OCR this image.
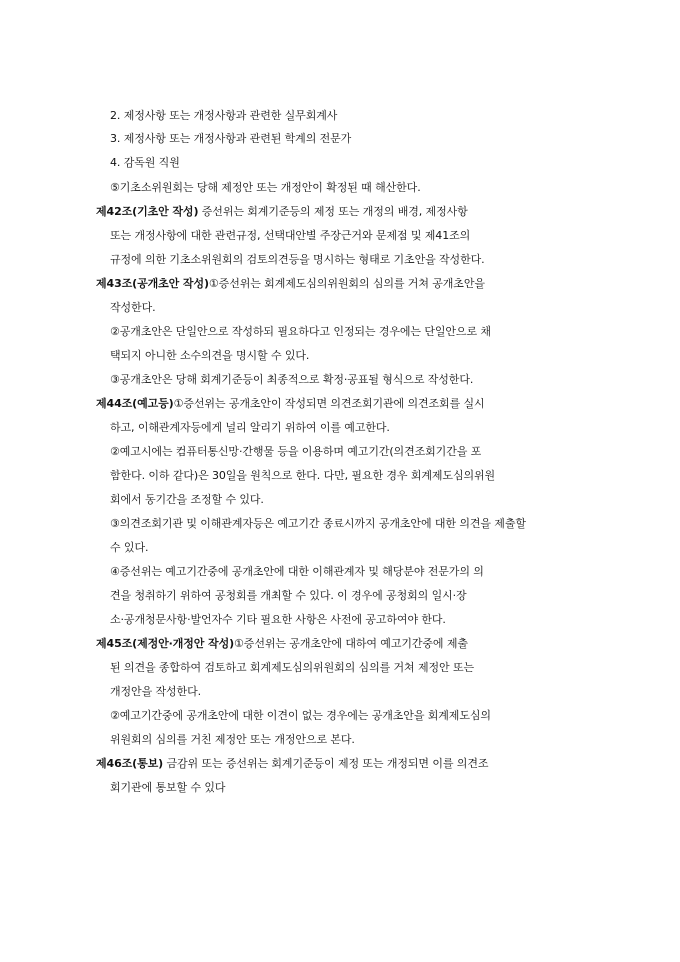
2. 제정사항 또는 개정사항과 관련한 실무회계사
3. 제정사항 또는 개정사항과 관련된 학계의 전문가
4. 감독원 직원
⑤기초소위원회는 당해 제정안 또는 개정안이 확정된 때 해산한다.
제42조(기초안 작성) 증선위는 회계기준등의 제정 또는 개정의 배경, 제정사항
또는 개정사항에 대한 관련규정, 선택대안별 주장근거와 문제점 및 제41조의
규정에 의한 기초소위원회의 검토의견등을 명시하는 형태로 기초안을 작성한다.
제43조(공개초안 작성)①증선위는 회계제도심의위원회의 심의를 거쳐 공개초안을
작성한다.
②공개초안은 단일안으로 작성하되 필요하다고 인정되는 경우에는 단일안으로 채
택되지 아니한 소수의견을 명시할 수 있다.
③공개초안은 당해 회계기준등이 최종적으로 확정·공표될 형식으로 작성한다.
제44조(예고등)①증선위는 공개초안이 작성되면 의견조회기관에 의견조회를 실시
하고, 이해관계자등에게 널리 알리기 위하여 이를 예고한다.
②예고시에는 컴퓨터통신망·간행물 등을 이용하며 예고기간(의견조회기간을 포
함한다. 이하 같다)은 30일을 원칙으로 한다. 다만, 필요한 경우 회계제도심의위원
회에서 동기간을 조정할 수 있다.
③의견조회기관 및 이해관계자등은 예고기간 종료시까지 공개초안에 대한 의견을 제출할
수 있다.
④증선위는 예고기간중에 공개초안에 대한 이해관계자 및 해당분야 전문가의 의
견을 청취하기 위하여 공청회를 개최할 수 있다. 이 경우에 공청회의 일시·장
소·공개청문사항·발언자수 기타 필요한 사항은 사전에 공고하여야 한다.
제45조(제정안·개정안 작성)①증선위는 공개초안에 대하여 예고기간중에 제출
된 의견을 종합하여 검토하고 회계제도심의위원회의 심의를 거쳐 제정안 또는
개정안을 작성한다.
②예고기간중에 공개초안에 대한 이견이 없는 경우에는 공개초안을 회계제도심의
위원회의 심의를 거친 제정안 또는 개정안으로 본다.
제46조(통보) 금감위 또는 증선위는 회계기준등이 제정 또는 개정되면 이를 의견조
회기관에 통보할 수 있다
